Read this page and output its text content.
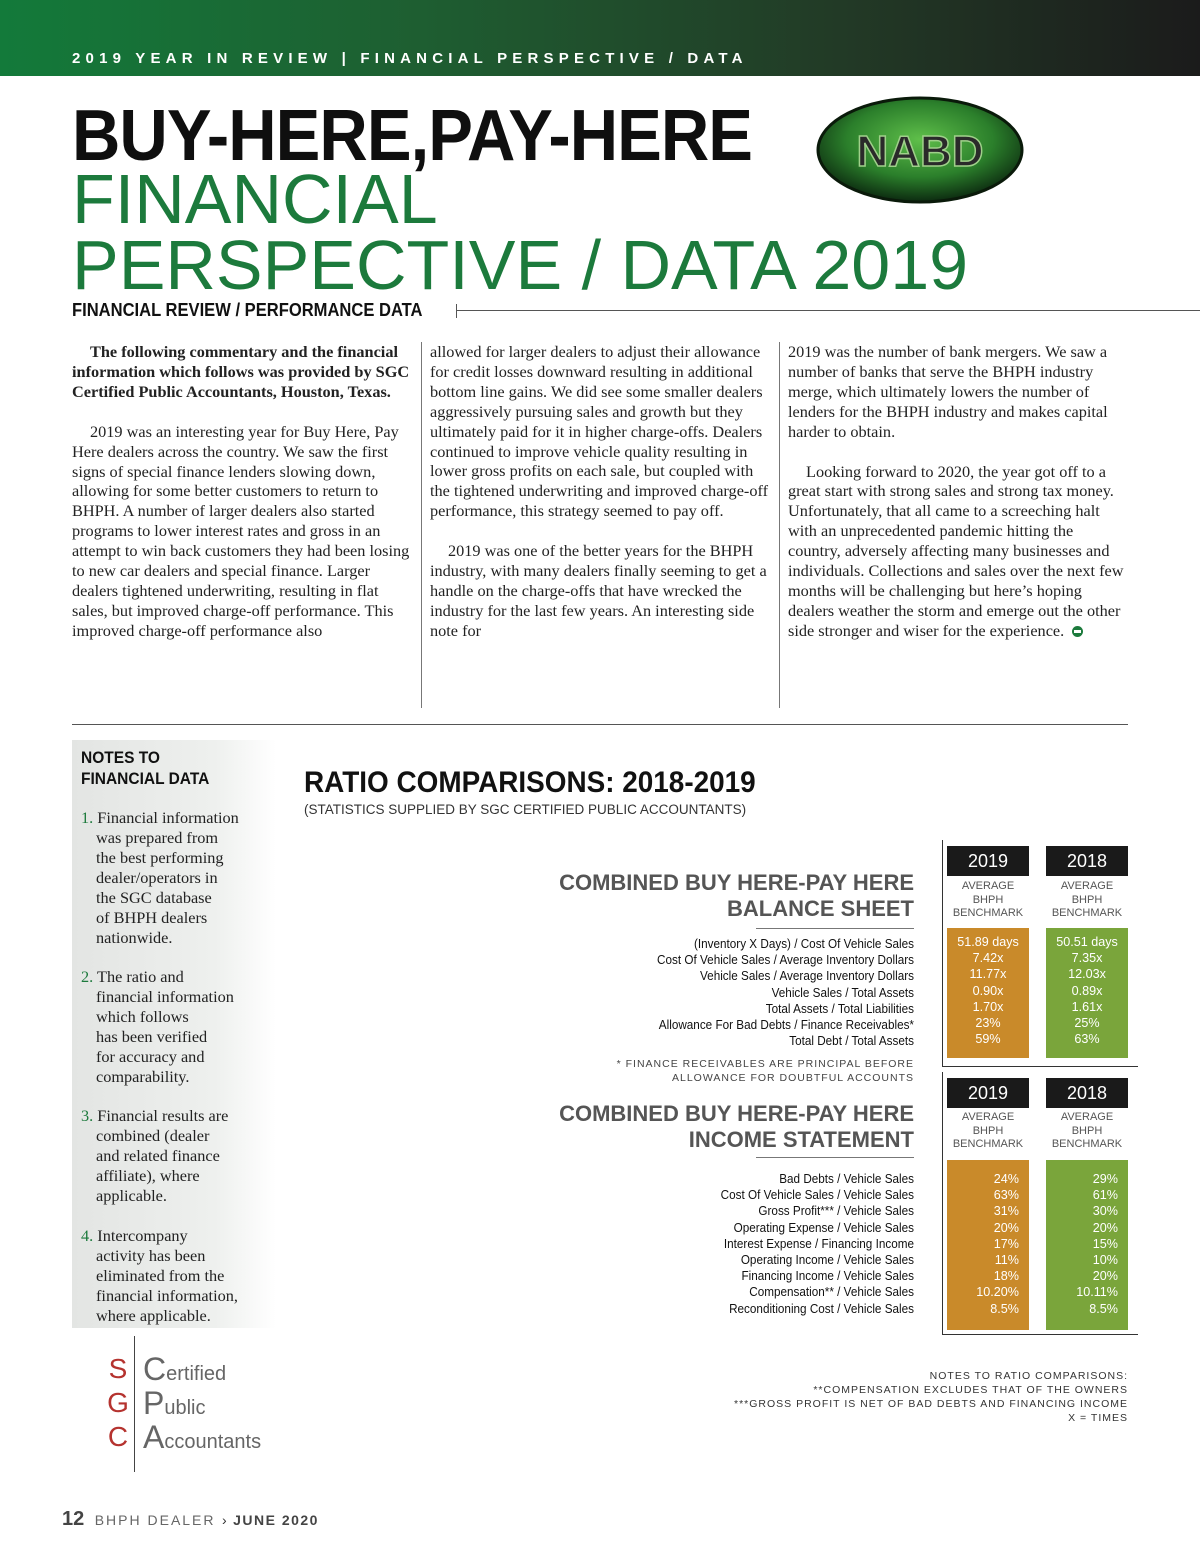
2019 YEAR IN REVIEW | FINANCIAL PERSPECTIVE / DATA
BUY-HERE,PAY-HERE
FINANCIAL
PERSPECTIVE / DATA 2019
NABD
FINANCIAL REVIEW / PERFORMANCE DATA

The following commentary and the financial information which follows was provided by SGC Certified Public Accountants, Houston, Texas.

2019 was an interesting year for Buy Here, Pay Here dealers across the country. We saw the first signs of special finance lenders slowing down, allowing for some better customers to return to BHPH. A number of larger dealers also started programs to lower interest rates and gross in an attempt to win back customers they had been losing to new car dealers and special finance. Larger dealers tightened underwriting, resulting in flat sales, but improved charge-off performance. This improved charge-off performance also

allowed for larger dealers to adjust their allowance for credit losses downward resulting in additional bottom line gains. We did see some smaller dealers aggressively pursuing sales and growth but they ultimately paid for it in higher charge-offs. Dealers continued to improve vehicle quality resulting in lower gross profits on each sale, but coupled with the tightened underwriting and improved charge-off performance, this strategy seemed to pay off.

2019 was one of the better years for the BHPH industry, with many dealers finally seeming to get a handle on the charge-offs that have wrecked the industry for the last few years. An interesting side note for

2019 was the number of bank mergers. We saw a number of banks that serve the BHPH industry merge, which ultimately lowers the number of lenders for the BHPH industry and makes capital harder to obtain.

Looking forward to 2020, the year got off to a great start with strong sales and strong tax money. Unfortunately, that all came to a screeching halt with an unprecedented pandemic hitting the country, adversely affecting many businesses and individuals. Collections and sales over the next few months will be challenging but here’s hoping dealers weather the storm and emerge out the other side stronger and wiser for the experience.

NOTES TO
FINANCIAL DATA
1. Financial information
was prepared from
the best performing
dealer/operators in
the SGC database
of BHPH dealers
nationwide.
2. The ratio and
financial information
which follows
has been verified
for accuracy and
comparability.
3. Financial results are
combined (dealer
and related finance
affiliate), where
applicable.
4. Intercompany
activity has been
eliminated from the
financial information,
where applicable.
RATIO COMPARISONS: 2018-2019
(STATISTICS SUPPLIED BY SGC CERTIFIED PUBLIC ACCOUNTANTS)
COMBINED BUY HERE-PAY HERE
BALANCE SHEET
(Inventory X Days) / Cost Of Vehicle Sales
Cost Of Vehicle Sales / Average Inventory Dollars
Vehicle Sales / Average Inventory Dollars
Vehicle Sales / Total Assets
Total Assets / Total Liabilities
Allowance For Bad Debts / Finance Receivables*
Total Debt / Total Assets
2019	2018
AVERAGE
BHPH
BENCHMARK
AVERAGE
BHPH
BENCHMARK
51.89 days
7.42x
11.77x
0.90x
1.70x
23%
59%
50.51 days
7.35x
12.03x
0.89x
1.61x
25%
63%
* FINANCE RECEIVABLES ARE PRINCIPAL BEFORE
ALLOWANCE FOR DOUBTFUL ACCOUNTS
COMBINED BUY HERE-PAY HERE
INCOME STATEMENT
Bad Debts / Vehicle Sales
Cost Of Vehicle Sales / Vehicle Sales
Gross Profit*** / Vehicle Sales
Operating Expense / Vehicle Sales
Interest Expense / Financing Income
Operating Income / Vehicle Sales
Financing Income / Vehicle Sales
Compensation** / Vehicle Sales
Reconditioning Cost / Vehicle Sales
2019	2018
AVERAGE
BHPH
BENCHMARK
AVERAGE
BHPH
BENCHMARK
24%
63%
31%
20%
17%
11%
18%
10.20%
8.5%
29%
61%
30%
20%
15%
10%
20%
10.11%
8.5%
NOTES TO RATIO COMPARISONS:
**COMPENSATION EXCLUDES THAT OF THE OWNERS
***GROSS PROFIT IS NET OF BAD DEBTS AND FINANCING INCOME
X = TIMES
S
G
C
Certified
Public
Accountants
12 BHPH DEALER › JUNE 2020
